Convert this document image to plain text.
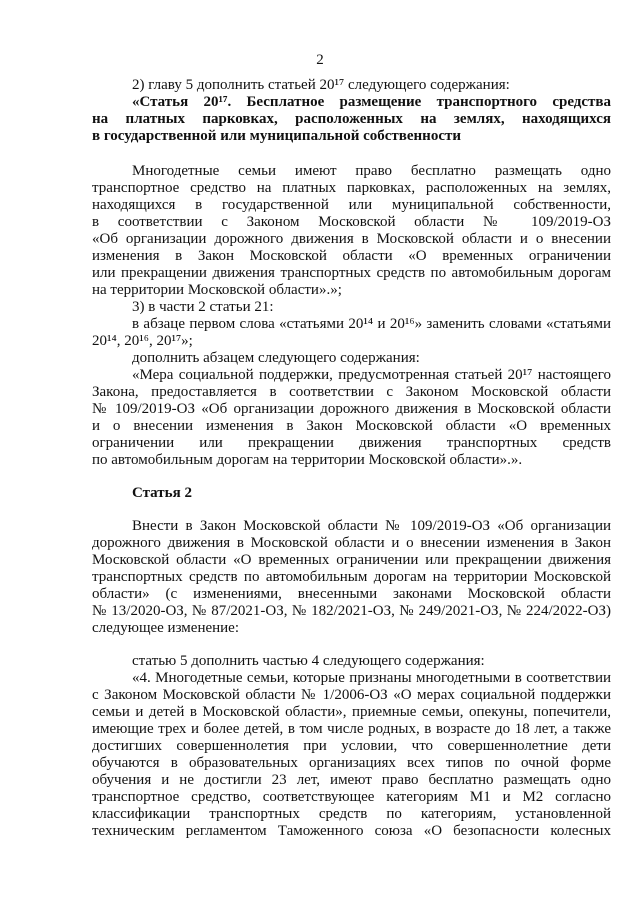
2
2) главу 5 дополнить статьей 20¹⁷ следующего содержания:
«Статья 20¹⁷. Бесплатное размещение транспортного средства
на платных парковках, расположенных на землях, находящихся
в государственной или муниципальной собственности
Многодетные семьи имеют право бесплатно размещать одно
транспортное средство на платных парковках, расположенных на землях,
находящихся в государственной или муниципальной собственности,
в соответствии с Законом Московской области № 109/2019-ОЗ
«Об организации дорожного движения в Московской области и о внесении
изменения в Закон Московской области «О временных ограничении
или прекращении движения транспортных средств по автомобильным дорогам
на территории Московской области».»;
3) в части 2 статьи 21:
в абзаце первом слова «статьями 20¹⁴ и 20¹⁶» заменить словами «статьями
20¹⁴, 20¹⁶, 20¹⁷»;
дополнить абзацем следующего содержания:
«Мера социальной поддержки, предусмотренная статьей 20¹⁷ настоящего
Закона, предоставляется в соответствии с Законом Московской области
№ 109/2019-ОЗ «Об организации дорожного движения в Московской области
и о внесении изменения в Закон Московской области «О временных
ограничении или прекращении движения транспортных средств
по автомобильным дорогам на территории Московской области».».
Статья 2
Внести в Закон Московской области № 109/2019-ОЗ «Об организации
дорожного движения в Московской области и о внесении изменения в Закон
Московской области «О временных ограничении или прекращении движения
транспортных средств по автомобильным дорогам на территории Московской
области» (с изменениями, внесенными законами Московской области
№ 13/2020-ОЗ, № 87/2021-ОЗ, № 182/2021-ОЗ, № 249/2021-ОЗ, № 224/2022-ОЗ)
следующее изменение:
статью 5 дополнить частью 4 следующего содержания:
«4. Многодетные семьи, которые признаны многодетными в соответствии
с Законом Московской области № 1/2006-ОЗ «О мерах социальной поддержки
семьи и детей в Московской области», приемные семьи, опекуны, попечители,
имеющие трех и более детей, в том числе родных, в возрасте до 18 лет, а также
достигших совершеннолетия при условии, что совершеннолетние дети
обучаются в образовательных организациях всех типов по очной форме
обучения и не достигли 23 лет, имеют право бесплатно размещать одно
транспортное средство, соответствующее категориям М1 и М2 согласно
классификации транспортных средств по категориям, установленной
техническим регламентом Таможенного союза «О безопасности колесных
